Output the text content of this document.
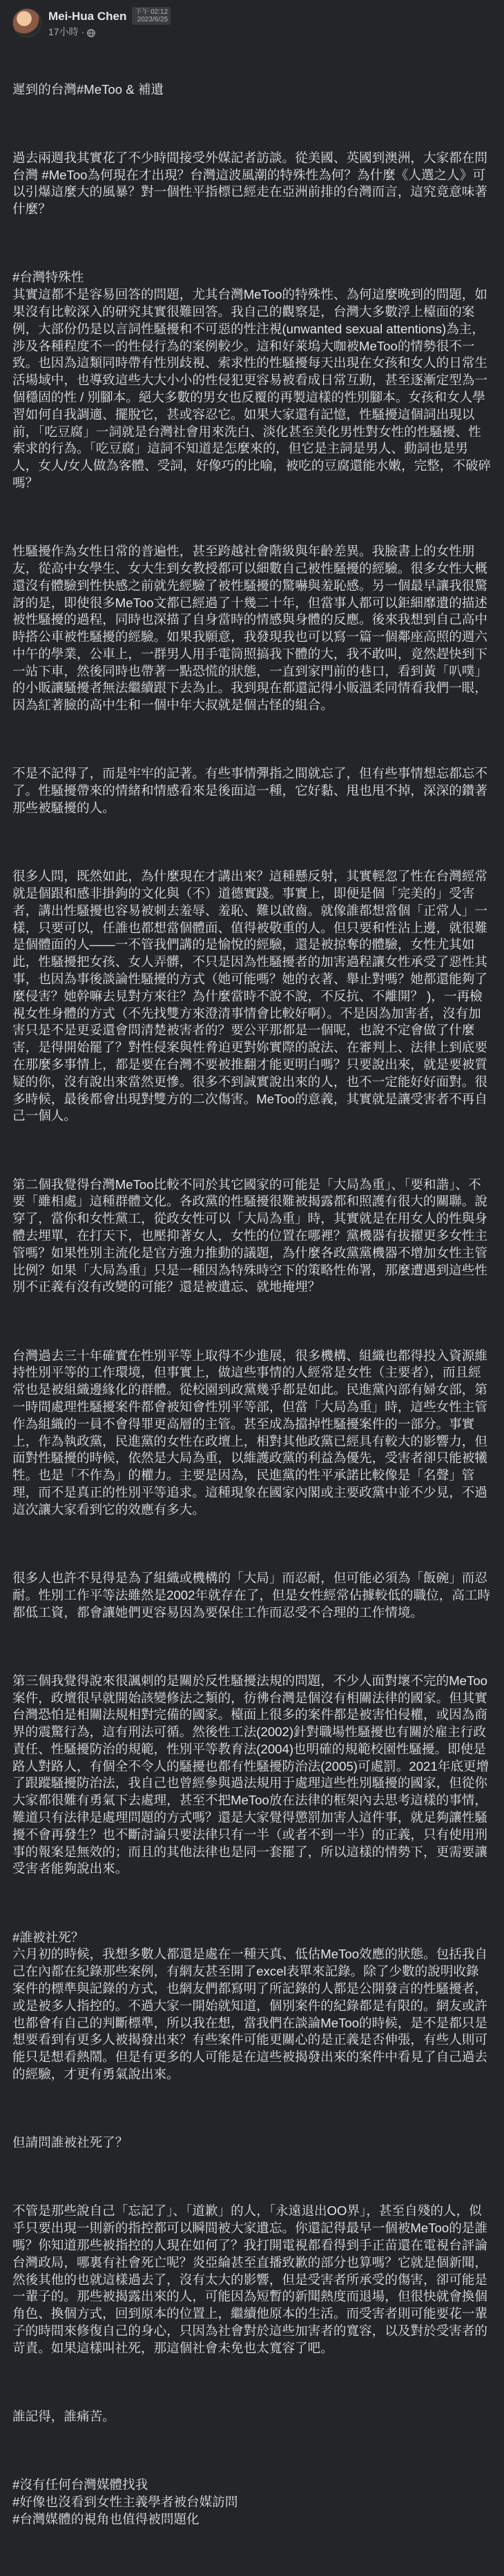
Mei-Hua Chen	下午 02:12
2023/6/25
17小時 ·

遲到的台灣#MeToo & 補遺

過去兩週我其實花了不少時間接受外媒記者訪談。從美國、英國到澳洲，大家都在問台灣 #MeToo為何現在才出現？台灣這波風潮的特殊性為何？為什麼《人選之人》可以引爆這麼大的風暴？對一個性平指標已經走在亞洲前排的台灣而言，這究竟意味著什麼？

#台灣特殊性
其實這都不是容易回答的問題，尤其台灣MeToo的特殊性、為何這麼晚到的問題，如果沒有比較深入的研究其實很難回答。我自己的觀察是，台灣大多數浮上檯面的案例，大部份仍是以言詞性騷擾和不可惡的性注視(unwanted sexual attentions)為主，涉及各種程度不一的性侵行為的案例較少。這和好萊塢大咖被MeToo的情勢很不一致。也因為這類同時帶有性別歧視、索求性的性騷擾每天出現在女孩和女人的日常生活場域中，也導致這些大大小小的性侵犯更容易被看成日常互動，甚至逐漸定型為一個穩固的性 / 別腳本。絕大多數的男女也反覆的再製這樣的性別腳本。女孩和女人學習如何自我調適、擺脫它，甚或容忍它。如果大家還有記憶，性騷擾這個詞出現以前，「吃豆腐」一詞就是台灣社會用來洗白、淡化甚至美化男性對女性的性騷擾、性索求的行為。「吃豆腐」這詞不知道是怎麼來的，但它是主詞是男人、動詞也是男人，女人/女人做為客體、受詞，好像巧的比喻，被吃的豆腐還能水嫩，完整，不破碎嗎？

性騷擾作為女性日常的普遍性，甚至跨越社會階級與年齡差異。我臉書上的女性朋友，從高中女學生、女大生到女教授都可以細數自己被性騷擾的經驗。很多女性大概還沒有體驗到性快感之前就先經驗了被性騷擾的驚嚇與羞恥感。另一個最早讓我很驚訝的是，即使很多MeToo文都已經過了十幾二十年，但當事人都可以鉅細靡遺的描述被性騷擾的過程，同時也深描了自身當時的情感與身體的反應。後來我想到自己高中時搭公車被性騷擾的經驗。如果我願意，我發現我也可以寫一篇一個鄰座高照的週六中午的學業，公車上，一群男人用手電筒照搞我下體的大，我不敢叫，竟然趕快到下一站下車，然後同時也帶著一點恐慌的狀態，一直到家門前的巷口，看到黃「叭噗」的小販讓騷擾者無法繼續跟下去為止。我到現在都還記得小販溫柔同情看我們一眼，因為紅著臉的高中生和一個中年大叔就是個古怪的組合。

不是不記得了，而是牢牢的記著。有些事情彈指之間就忘了，但有些事情想忘都忘不了。性騷擾帶來的情緒和情感看來是後面這一種，它好黏、甩也甩不掉，深深的鑽著那些被騷擾的人。

很多人問，既然如此，為什麼現在才講出來？這種懸反射，其實輕忽了性在台灣經常就是個跟和感非掛鉤的文化與（不）道德實踐。事實上，即便是個「完美的」受害者，講出性騷擾也容易被刺去羞辱、羞恥、難以啟齒。就像誰都想當個「正常人」一樣，只要可以，任誰也都想當個體面、值得被敬重的人。但只要和性沾上邊，就很難是個體面的人——一不管我們講的是愉悅的經驗，還是被掠奪的體驗，女性尤其如此，性騷擾把女孩、女人弄髒，不只是因為性騷擾者的加害過程讓女性承受了惡性其事，也因為事後談論性騷擾的方式（她可能嗎？她的衣著、舉止對嗎？她都還能夠了麼侵害？她幹嘛去見對方來往？為什麼當時不說不說，不反抗、不離開？ )，一再檢視女性身體的方式（不先找雙方來澄清事情會比較好啊）。不是因為加害者，沒有加害只是不是更妥還會問清楚被害者的？要公平那都是一個呢，也說不定會做了什麼害，是得開始罷了？對性侵案與性脅迫更對妳實際的說法、在審判上、法律上到底要在那麼多事情上，都是要在台灣不要被推翻才能更明白嗎？只要說出來，就是要被質疑的你，沒有說出來當然更慘。很多不到誠實說出來的人，也不一定能好好面對。很多時候，最後都會出現對雙方的二次傷害。MeToo的意義，其實就是讓受害者不再自己一個人。

第二個我覺得台灣MeToo比較不同於其它國家的可能是「大局為重」、「要和諧」、不要「雖相處」這種群體文化。各政黨的性騷擾很難被揭露都和照護有很大的關聯。說穿了，當你和女性黨工，從政女性可以「大局為重」時，其實就是在用女人的性與身體去埋單，在打天下，也壓抑著女人，女性的位置在哪裡？黨機器有拔擢更多女性主管嗎？如果性別主流化是官方強力推動的議題，為什麼各政黨黨機器不增加女性主管比例？如果「大局為重」只是一種因為特殊時空下的策略性佈署，那麼遭遇到這些性別不正義有沒有改變的可能？還是被遺忘、就地掩埋？

台灣過去三十年確實在性別平等上取得不少進展，很多機構、組織也都得投入資源維持性別平等的工作環境，但事實上，做這些事情的人經常是女性（主要者），而且經常也是被組織邊緣化的群體。從校園到政黨幾乎都是如此。民進黨內部有婦女部，第一時間處理性騷擾案件都會被知會性別平等部，但當「大局為重」時，這些女性主管作為組織的一員不會得罪更高層的主管。甚至成為擋掉性騷擾案件的一部分。事實上，作為執政黨，民進黨的女性在政壇上，相對其他政黨已經具有較大的影響力，但面對性騷擾的時候，依然是大局為重，以維護政黨的利益為優先，受害者卻只能被犧牲。也是「不作為」的權力。主要是因為，民進黨的性平承諾比較像是「名聲」管理，而不是真正的性別平等追求。這種現象在國家內閣或主要政黨中並不少見，不過這次讓大家看到它的效應有多大。

很多人也許不見得是為了組織或機構的「大局」而忍耐，但可能必須為「飯碗」而忍耐。性別工作平等法雖然是2002年就存在了，但是女性經常佔據較低的職位，高工時都低工資，都會讓她們更容易因為要保住工作而忍受不合理的工作情境。

第三個我覺得說來很諷刺的是關於反性騷擾法規的問題，不少人面對壞不完的MeToo案件，政壇很早就開始該變修法之類的，彷彿台灣是個沒有相關法律的國家。但其實台灣恐怕是相關法規相對完備的國家。檯面上很多的案件都是被害怕侵權，或因為商界的震驚行為，這有刑法可循。然後性工法(2002)針對職場性騷擾也有關於雇主行政責任、性騷擾防治的規範，性別平等教育法(2004)也明確的規範校園性騷擾。即使是路人對路人，有個全不令人的騷擾也都有性騷擾防治法(2005)可處罰。2021年底更增了跟蹤騷擾防治法，我自己也曾經參與過法規用于處理這些性別騷擾的國家，但從你大家都很難有勇氣下去處理，甚至不把MeToo放在法律的框架內去思考這樣的事情，難道只有法律是處理問題的方式嗎？還是大家覺得懲罰加害人這件事，就足夠讓性騷擾不會再發生？也不斷討論只要法律只有一半（或者不到一半）的正義，只有使用刑事的報案是無效的；而且的其他法律也是同一套罷了，所以這樣的情勢下，更需要讓受害者能夠說出來。

#誰被社死？
六月初的時候，我想多數人都還是處在一種天真、低估MeToo效應的狀態。包括我自己在內都在紀錄那些案例，有網友甚至開了excel表單來記錄。除了少數的說明收錄案件的標準與記錄的方式，也網友們都寫明了所記錄的人都是公開發言的性騷擾者，或是被多人指控的。不過大家一開始就知道，個別案件的紀錄都是有限的。網友或許也都會有自己的判斷標準，所以我在想，當我們在談論MeToo的時候，是不是都只是想要看到有更多人被揭發出來？有些案件可能更關心的是正義是否伸張，有些人則可能只是想看熱鬧。但是有更多的人可能是在這些被揭發出來的案件中看見了自己過去的經驗，才更有勇氣說出來。

但請問誰被社死了？

不管是那些說自己「忘記了」、「道歉」的人，「永遠退出OO界」，甚至自殘的人，似乎只要出現一則新的指控都可以瞬間被大家遺忘。你還記得最早一個被MeToo的是誰嗎？你知道那些被指控的人現在如何了？我打開電視都看得到手正苗還在電視台評論台灣政局，哪裏有社會死亡呢？炎亞綸甚至直播致歉的部分也算嗎？它就是個新聞，然後其他的也就這樣過去了，沒有太大的影響，但是受害者所承受的傷害，卻可能是一輩子的。那些被揭露出來的人，可能因為短暫的新聞熱度而退場，但很快就會換個角色、換個方式，回到原本的位置上，繼續他原本的生活。而受害者則可能要花一輩子的時間來修復自己的身心，只因為社會對於這些加害者的寬容，以及對於受害者的苛責。如果這樣叫社死，那這個社會未免也太寬容了吧。

誰記得，誰痛苦。

#沒有任何台灣媒體找我
#好像也沒看到女性主義學者被台媒訪問
#台灣媒體的視角也值得被問題化
